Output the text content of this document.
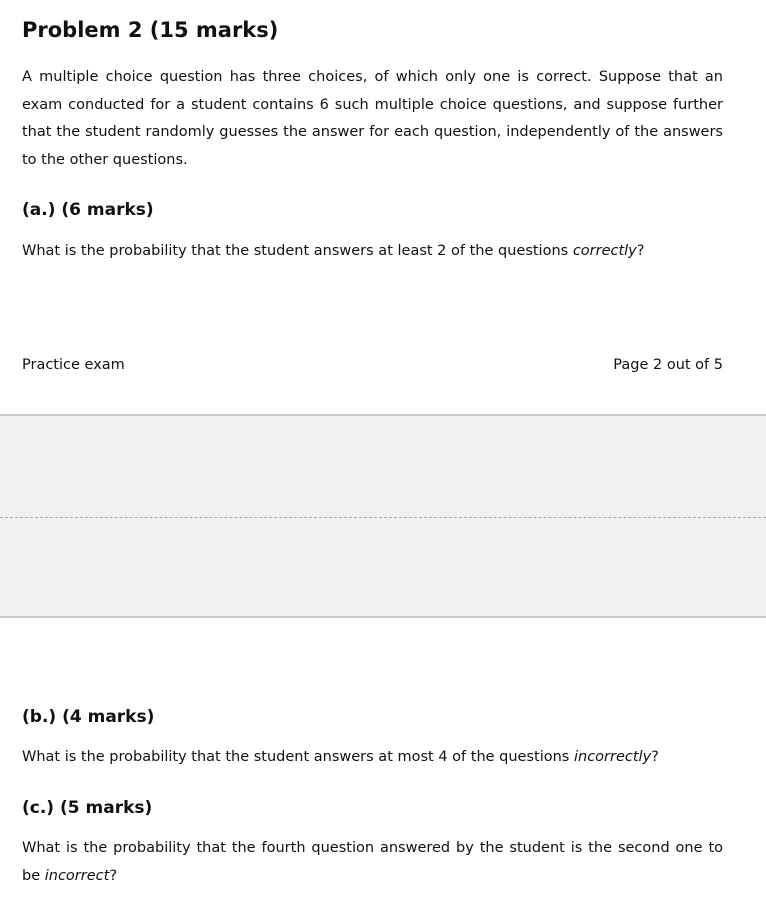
Problem 2 (15 marks)

A multiple choice question has three choices, of which only one is correct. Suppose that an exam conducted for a student contains 6 such multiple choice questions, and suppose further that the student randomly guesses the answer for each question, independently of the answers to the other questions.

(a.) (6 marks)

What is the probability that the student answers at least 2 of the questions correctly?

Practice exam	Page 2 out of 5
(b.) (4 marks)

What is the probability that the student answers at most 4 of the questions incorrectly?

(c.) (5 marks)

What is the probability that the fourth question answered by the student is the second one to be incorrect?
